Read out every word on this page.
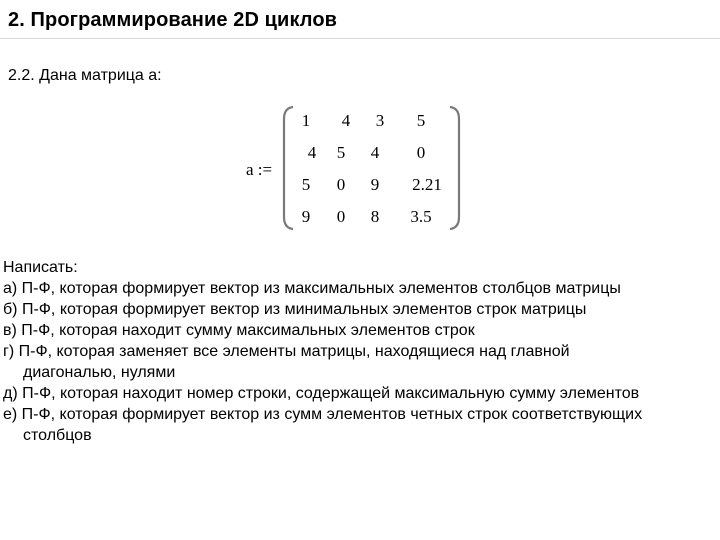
2. Программирование 2D циклов
2.2. Дана матрица a:
a :=
1 4 3 5
4 5 4 0
5 0 9 2.21
9 0 8 3.5
Написать:
а) П-Ф, которая формирует вектор из максимальных элементов столбцов матрицы
б) П-Ф, которая формирует вектор из минимальных элементов строк матрицы
в) П-Ф, которая находит сумму максимальных элементов строк
г) П-Ф, которая заменяет все элементы матрицы, находящиеся над главной
диагональю, нулями
д) П-Ф, которая находит номер строки, содержащей максимальную сумму элементов
е) П-Ф, которая формирует вектор из сумм элементов четных строк соответствующих
столбцов
